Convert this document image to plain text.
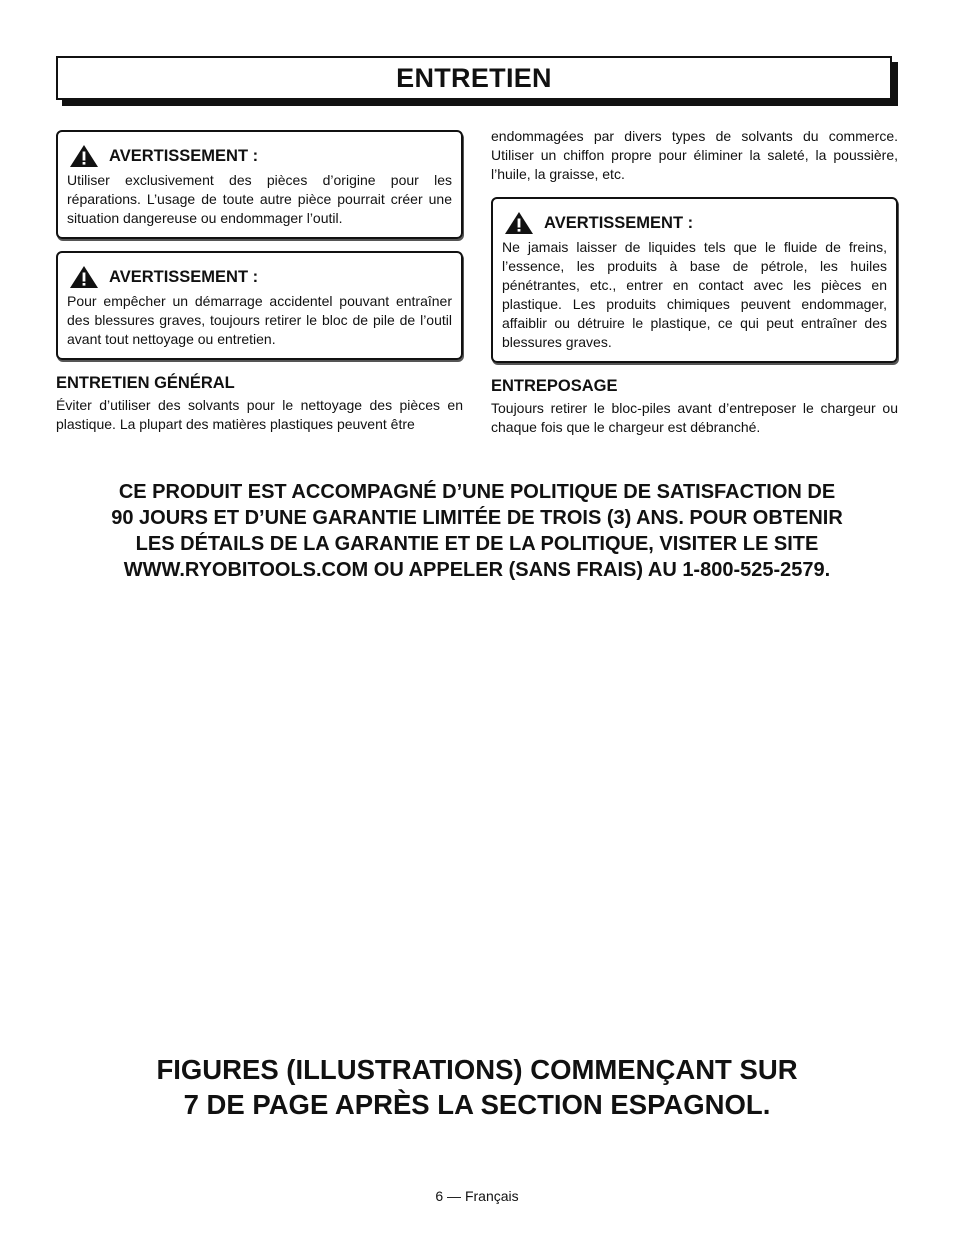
ENTRETIEN
AVERTISSEMENT :
Utiliser exclusivement des pièces d’origine pour les réparations. L’usage de toute autre pièce pourrait créer une situation dangereuse ou endommager l’outil.
AVERTISSEMENT :
Pour empêcher un démarrage accidentel pouvant entraîner des blessures graves, toujours retirer le bloc de pile de l’outil avant tout nettoyage ou entretien.
ENTRETIEN GÉNÉRAL
Éviter d’utiliser des solvants pour le nettoyage des pièces en plastique. La plupart des matières plastiques peuvent être
endommagées par divers types de solvants du commerce. Utiliser un chiffon propre pour éliminer la saleté, la poussière, l’huile, la graisse, etc.
AVERTISSEMENT :
Ne jamais laisser de liquides tels que le fluide de freins, l’essence, les produits à base de pétrole, les huiles pénétrantes, etc., entrer en contact avec les pièces en plastique. Les produits chimiques peuvent endommager, affaiblir ou détruire le plastique, ce qui peut entraîner des blessures graves.
ENTREPOSAGE
Toujours retirer le bloc-piles avant d’entreposer le chargeur ou chaque fois que le chargeur est débranché.
CE PRODUIT EST ACCOMPAGNÉ D’UNE POLITIQUE DE SATISFACTION DE
90 JOURS ET D’UNE GARANTIE LIMITÉE DE TROIS (3) ANS. POUR OBTENIR
LES DÉTAILS DE LA GARANTIE ET DE LA POLITIQUE, VISITER LE SITE
WWW.RYOBITOOLS.COM OU APPELER (SANS FRAIS) AU 1-800-525-2579.
FIGURES (ILLUSTRATIONS) COMMENÇANT SUR
7 DE PAGE APRÈS LA SECTION ESPAGNOL.
6 — Français
